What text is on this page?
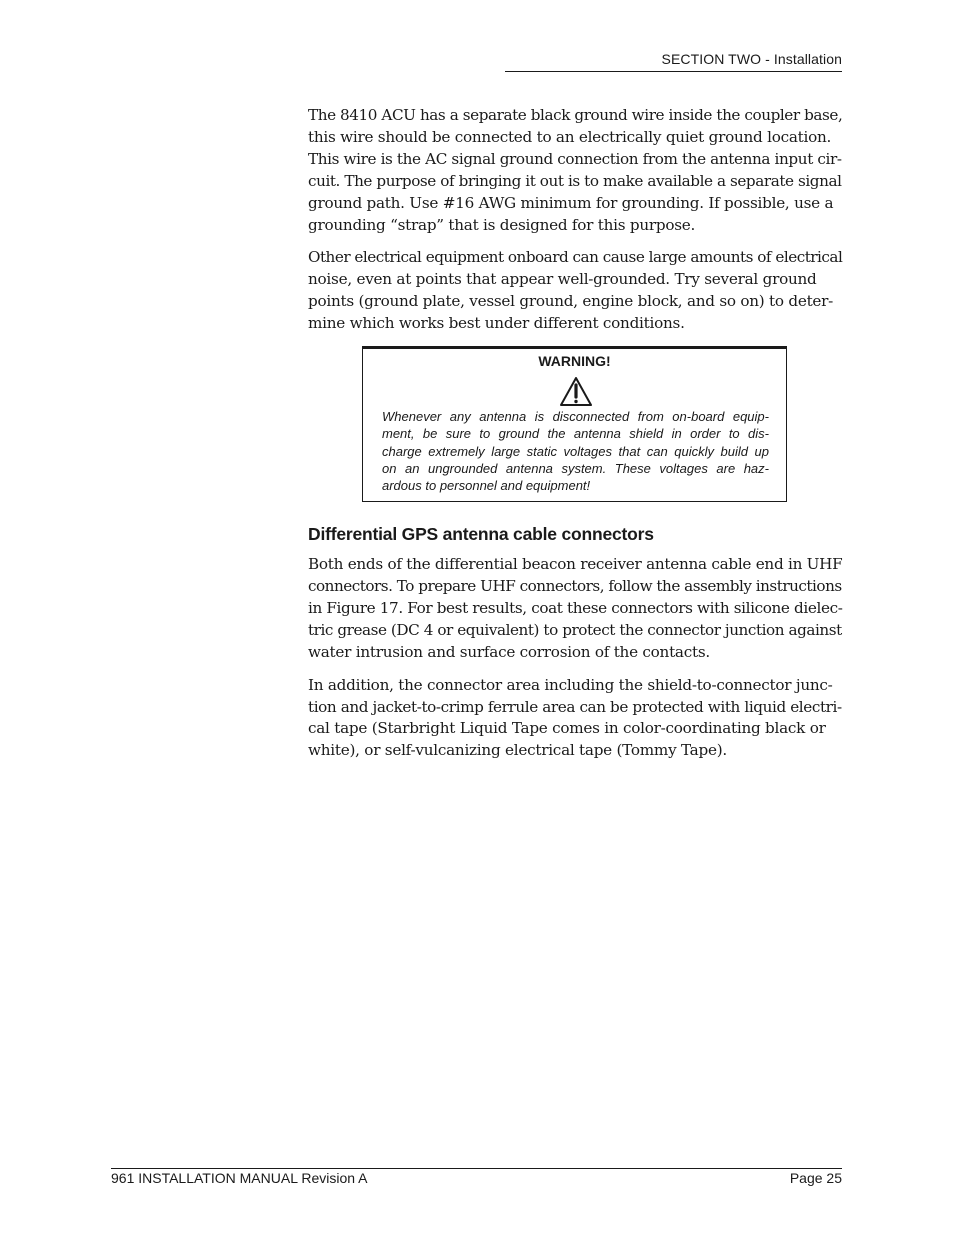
SECTION TWO - Installation

The 8410 ACU has a separate black ground wire inside the coupler base,
this wire should be connected to an electrically quiet ground location.
This wire is the AC signal ground connection from the antenna input cir-
cuit. The purpose of bringing it out is to make available a separate signal
ground path. Use #16 AWG minimum for grounding. If possible, use a
grounding “strap” that is designed for this purpose.

Other electrical equipment onboard can cause large amounts of electrical
noise, even at points that appear well-grounded. Try several ground
points (ground plate, vessel ground, engine block, and so on) to deter-
mine which works best under different conditions.

WARNING!
Whenever any antenna is disconnected from on-board equip-
ment, be sure to ground the antenna shield in order to dis-
charge extremely large static voltages that can quickly build up
on an ungrounded antenna system. These voltages are haz-
ardous to personnel and equipment!
Differential GPS antenna cable connectors

Both ends of the differential beacon receiver antenna cable end in UHF
connectors. To prepare UHF connectors, follow the assembly instructions
in Figure 17. For best results, coat these connectors with silicone dielec-
tric grease (DC 4 or equivalent) to protect the connector junction against
water intrusion and surface corrosion of the contacts.

In addition, the connector area including the shield-to-connector junc-
tion and jacket-to-crimp ferrule area can be protected with liquid electri-
cal tape (Starbright Liquid Tape comes in color-coordinating black or
white), or self-vulcanizing electrical tape (Tommy Tape).

961 INSTALLATION MANUAL Revision A	Page 25
